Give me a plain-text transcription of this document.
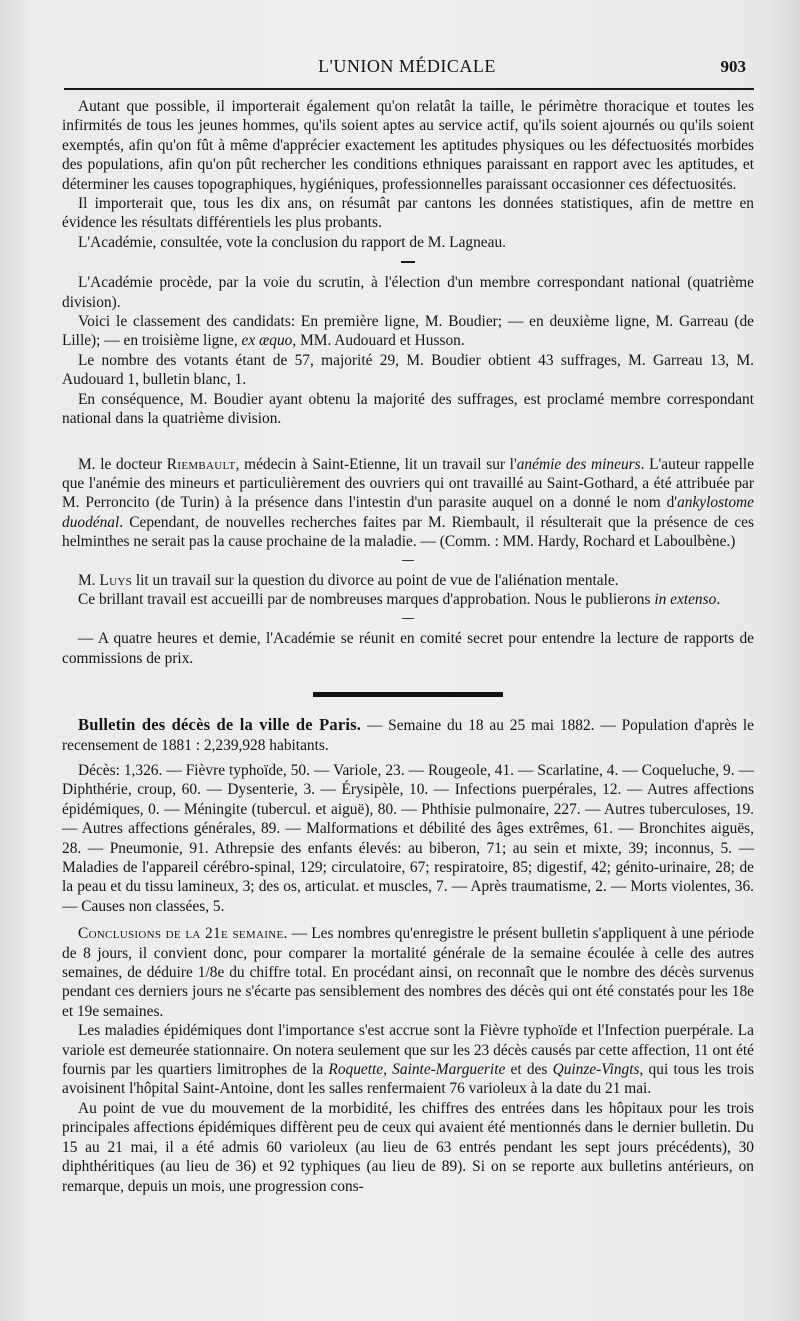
L'UNION MÉDICALE	903

Autant que possible, il importerait également qu'on relatât la taille, le périmètre thoracique et toutes les infirmités de tous les jeunes hommes, qu'ils soient aptes au service actif, qu'ils soient ajournés ou qu'ils soient exemptés, afin qu'on fût à même d'apprécier exactement les aptitudes physiques ou les défectuosités morbides des populations, afin qu'on pût rechercher les conditions ethniques paraissant en rapport avec les aptitudes, et déterminer les causes topographiques, hygiéniques, professionnelles paraissant occasionner ces défectuosités.

Il importerait que, tous les dix ans, on résumât par cantons les données statistiques, afin de mettre en évidence les résultats différentiels les plus probants.

L'Académie, consultée, vote la conclusion du rapport de M. Lagneau.

L'Académie procède, par la voie du scrutin, à l'élection d'un membre correspondant national (quatrième division).

Voici le classement des candidats: En première ligne, M. Boudier; — en deuxième ligne, M. Garreau (de Lille); — en troisième ligne, ex æquo, MM. Audouard et Husson.

Le nombre des votants étant de 57, majorité 29, M. Boudier obtient 43 suffrages, M. Garreau 13, M. Audouard 1, bulletin blanc, 1.

En conséquence, M. Boudier ayant obtenu la majorité des suffrages, est proclamé membre correspondant national dans la quatrième division.

M. le docteur Riembault, médecin à Saint-Etienne, lit un travail sur l'anémie des mineurs. L'auteur rappelle que l'anémie des mineurs et particulièrement des ouvriers qui ont travaillé au Saint-Gothard, a été attribuée par M. Perroncito (de Turin) à la présence dans l'intestin d'un parasite auquel on a donné le nom d'ankylostome duodénal. Cependant, de nouvelles recherches faites par M. Riembault, il résulterait que la présence de ces helminthes ne serait pas la cause prochaine de la maladie. — (Comm. : MM. Hardy, Rochard et Laboulbène.)

M. Luys lit un travail sur la question du divorce au point de vue de l'aliénation mentale.

Ce brillant travail est accueilli par de nombreuses marques d'approbation. Nous le publierons in extenso.

— A quatre heures et demie, l'Académie se réunit en comité secret pour entendre la lecture de rapports de commissions de prix.

Bulletin des décès de la ville de Paris. — Semaine du 18 au 25 mai 1882. — Population d'après le recensement de 1881 : 2,239,928 habitants.

Décès: 1,326. — Fièvre typhoïde, 50. — Variole, 23. — Rougeole, 41. — Scarlatine, 4. — Coqueluche, 9. — Diphthérie, croup, 60. — Dysenterie, 3. — Érysipèle, 10. — Infections puerpérales, 12. — Autres affections épidémiques, 0. — Méningite (tubercul. et aiguë), 80. — Phthisie pulmonaire, 227. — Autres tuberculoses, 19. — Autres affections générales, 89. — Malformations et débilité des âges extrêmes, 61. — Bronchites aiguës, 28. — Pneumonie, 91. Athrepsie des enfants élevés: au biberon, 71; au sein et mixte, 39; inconnus, 5. — Maladies de l'appareil cérébro-spinal, 129; circulatoire, 67; respiratoire, 85; digestif, 42; génito-urinaire, 28; de la peau et du tissu lamineux, 3; des os, articulat. et muscles, 7. — Après traumatisme, 2. — Morts violentes, 36. — Causes non classées, 5.

Conclusions de la 21e semaine. — Les nombres qu'enregistre le présent bulletin s'appliquent à une période de 8 jours, il convient donc, pour comparer la mortalité générale de la semaine écoulée à celle des autres semaines, de déduire 1/8e du chiffre total. En procédant ainsi, on reconnaît que le nombre des décès survenus pendant ces derniers jours ne s'écarte pas sensiblement des nombres des décès qui ont été constatés pour les 18e et 19e semaines.

Les maladies épidémiques dont l'importance s'est accrue sont la Fièvre typhoïde et l'Infection puerpérale. La variole est demeurée stationnaire. On notera seulement que sur les 23 décès causés par cette affection, 11 ont été fournis par les quartiers limitrophes de la Roquette, Sainte-Marguerite et des Quinze-Vingts, qui tous les trois avoisinent l'hôpital Saint-Antoine, dont les salles renfermaient 76 varioleux à la date du 21 mai.

Au point de vue du mouvement de la morbidité, les chiffres des entrées dans les hôpitaux pour les trois principales affections épidémiques diffèrent peu de ceux qui avaient été mentionnés dans le dernier bulletin. Du 15 au 21 mai, il a été admis 60 varioleux (au lieu de 63 entrés pendant les sept jours précédents), 30 diphthéritiques (au lieu de 36) et 92 typhiques (au lieu de 89). Si on se reporte aux bulletins antérieurs, on remarque, depuis un mois, une progression cons-
